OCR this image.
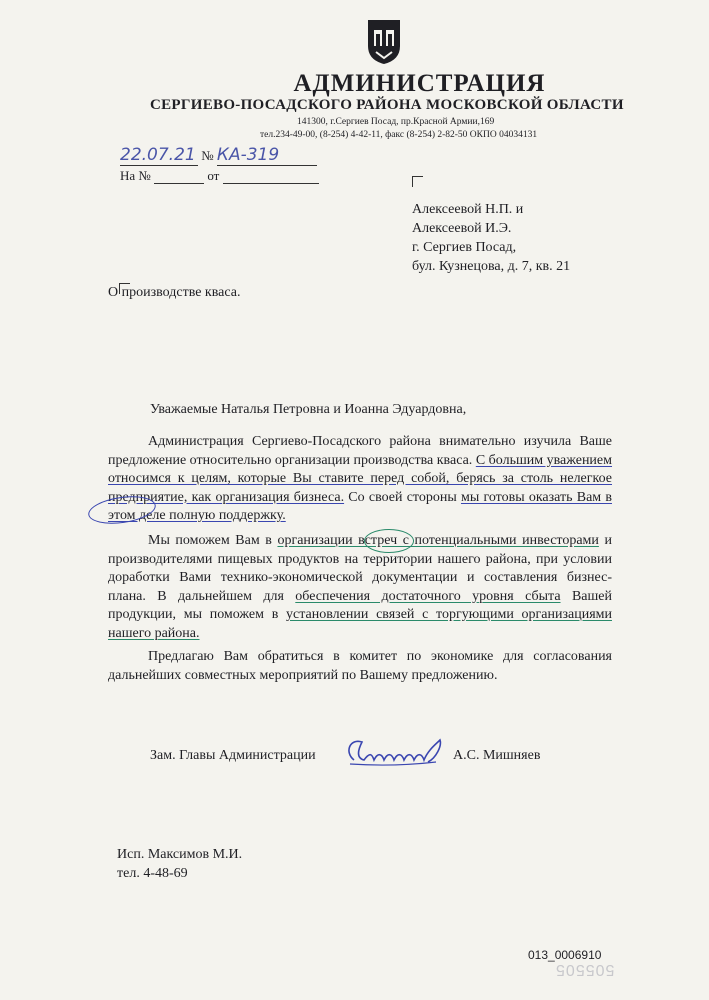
АДМИНИСТРАЦИЯ
СЕРГИЕВО-ПОСАДСКОГО РАЙОНА МОСКОВСКОЙ ОБЛАСТИ
141300, г.Сергиев Посад, пр.Красной Армии,169
тел.234-49-00, (8-254) 4-42-11, факс (8-254) 2-82-50 ОКПО 04034131
22.07.21 № КА-319
На №	от
Алексеевой Н.П. и
Алексеевой И.Э.
г. Сергиев Посад,
бул. Кузнецова, д. 7, кв. 21
О производстве кваса.
Уважаемые Наталья Петровна и Иоанна Эдуардовна,
Администрация Сергиево-Посадского района внимательно изучила Ваше предложение относительно организации производства кваса. С большим уважением относимся к целям, которые Вы ставите перед собой, берясь за столь нелегкое предприятие, как организация бизнеса. Со своей стороны мы готовы оказать Вам в этом деле полную поддержку.
Мы поможем Вам в организации встреч с потенциальными инвесторами и производителями пищевых продуктов на территории нашего района, при условии доработки Вами технико-экономической документации и составления бизнес-плана. В дальнейшем для обеспечения достаточного уровня сбыта Вашей продукции, мы поможем в установлении связей с торгующими организациями нашего района.
Предлагаю Вам обратиться в комитет по экономике для согласования дальнейших совместных мероприятий по Вашему предложению.
Зам. Главы Администрации	А.С. Мишняев
Исп. Максимов М.И.
тел. 4-48-69
013_0006910
505505
